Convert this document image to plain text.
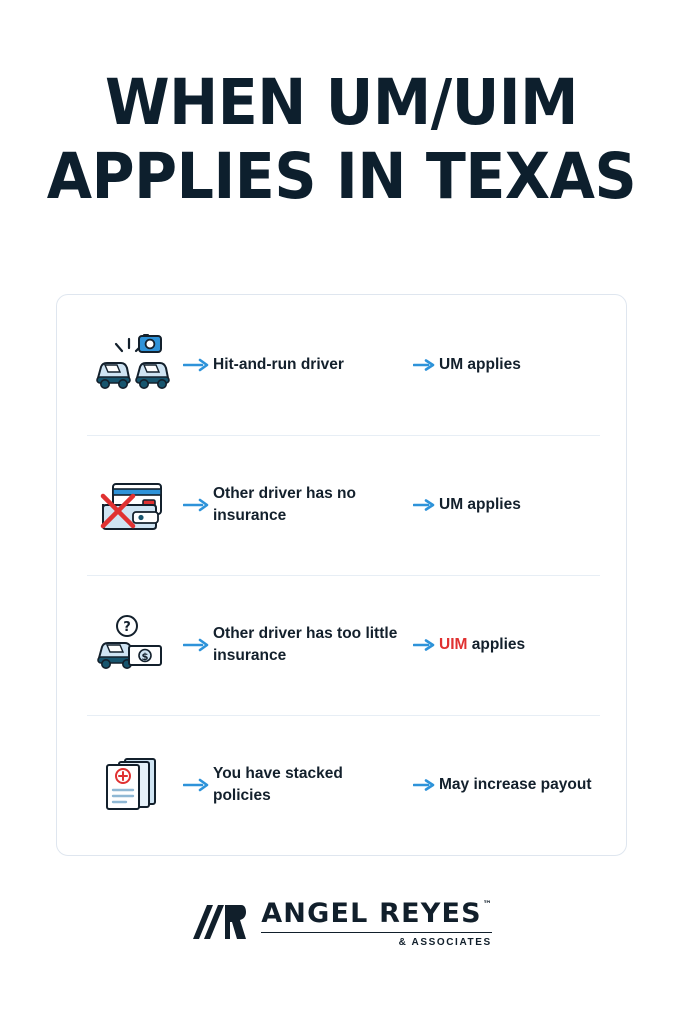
WHEN UM/UIM
APPLIES IN TEXAS
Hit-and-run driver	UM applies
Other driver has no insurance
UM applies
?
$
Other driver has too little insurance
UIM applies
You have stacked policies
May increase payout
ANGEL REYES ™
& ASSOCIATES
